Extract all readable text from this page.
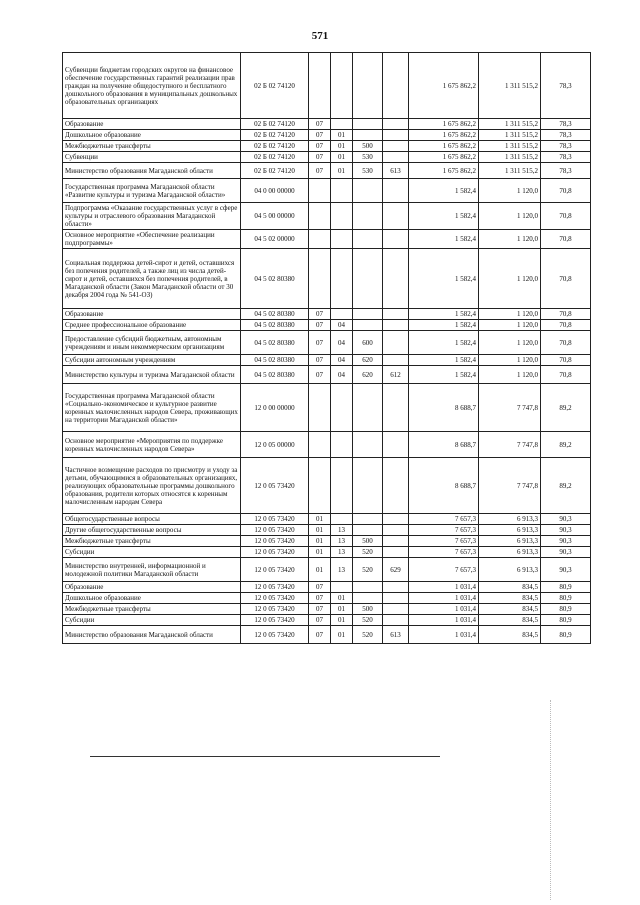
571
Субвенции бюджетам городских округов на финансовое обеспечение государственных гарантий реализации прав граждан на получение общедоступного и бесплатного дошкольного образования в муниципальных дошкольных образовательных организациях	02 Б 02 74120					1 675 862,2	1 311 515,2	78,3
Образование	02 Б 02 74120	07				1 675 862,2	1 311 515,2	78,3
Дошкольное образование	02 Б 02 74120	07	01			1 675 862,2	1 311 515,2	78,3
Межбюджетные трансферты	02 Б 02 74120	07	01	500		1 675 862,2	1 311 515,2	78,3
Субвенции	02 Б 02 74120	07	01	530		1 675 862,2	1 311 515,2	78,3
Министерство образования Магаданской области	02 Б 02 74120	07	01	530	613	1 675 862,2	1 311 515,2	78,3
Государственная программа Магаданской области «Развитие культуры и туризма Магаданской области»	04 0 00 00000					1 582,4	1 120,0	70,8
Подпрограмма «Оказание государственных услуг в сфере культуры и отраслевого образования Магаданской области»	04 5 00 00000					1 582,4	1 120,0	70,8
Основное мероприятие «Обеспечение реализации подпрограммы»	04 5 02 00000					1 582,4	1 120,0	70,8
Социальная поддержка детей-сирот и детей, оставшихся без попечения родителей, а также лиц из числа детей-сирот и детей, оставшихся без попечения родителей, в Магаданской области (Закон Магаданской области от 30 декабря 2004 года № 541-ОЗ)	04 5 02 80380					1 582,4	1 120,0	70,8
Образование	04 5 02 80380	07				1 582,4	1 120,0	70,8
Среднее профессиональное образование	04 5 02 80380	07	04			1 582,4	1 120,0	70,8
Предоставление субсидий бюджетным, автономным учреждениям и иным некоммерческим организациям	04 5 02 80380	07	04	600		1 582,4	1 120,0	70,8
Субсидии автономным учреждениям	04 5 02 80380	07	04	620		1 582,4	1 120,0	70,8
Министерство культуры и туризма Магаданской области	04 5 02 80380	07	04	620	612	1 582,4	1 120,0	70,8
Государственная программа Магаданской области «Социально-экономическое и культурное развитие коренных малочисленных народов Севера, проживающих на территории Магаданской области»	12 0 00 00000					8 688,7	7 747,8	89,2
Основное мероприятие «Мероприятия по поддержке коренных малочисленных народов Севера»	12 0 05 00000					8 688,7	7 747,8	89,2
Частичное возмещение расходов по присмотру и уходу за детьми, обучающимися в образовательных организациях, реализующих образовательные программы дошкольного образования, родители которых относятся к коренным малочисленным народам Севера	12 0 05 73420					8 688,7	7 747,8	89,2
Общегосударственные вопросы	12 0 05 73420	01				7 657,3	6 913,3	90,3
Другие общегосударственные вопросы	12 0 05 73420	01	13			7 657,3	6 913,3	90,3
Межбюджетные трансферты	12 0 05 73420	01	13	500		7 657,3	6 913,3	90,3
Субсидии	12 0 05 73420	01	13	520		7 657,3	6 913,3	90,3
Министерство внутренней, информационной и молодежной политики Магаданской области	12 0 05 73420	01	13	520	629	7 657,3	6 913,3	90,3
Образование	12 0 05 73420	07				1 031,4	834,5	80,9
Дошкольное образование	12 0 05 73420	07	01			1 031,4	834,5	80,9
Межбюджетные трансферты	12 0 05 73420	07	01	500		1 031,4	834,5	80,9
Субсидии	12 0 05 73420	07	01	520		1 031,4	834,5	80,9
Министерство образования Магаданской области	12 0 05 73420	07	01	520	613	1 031,4	834,5	80,9
